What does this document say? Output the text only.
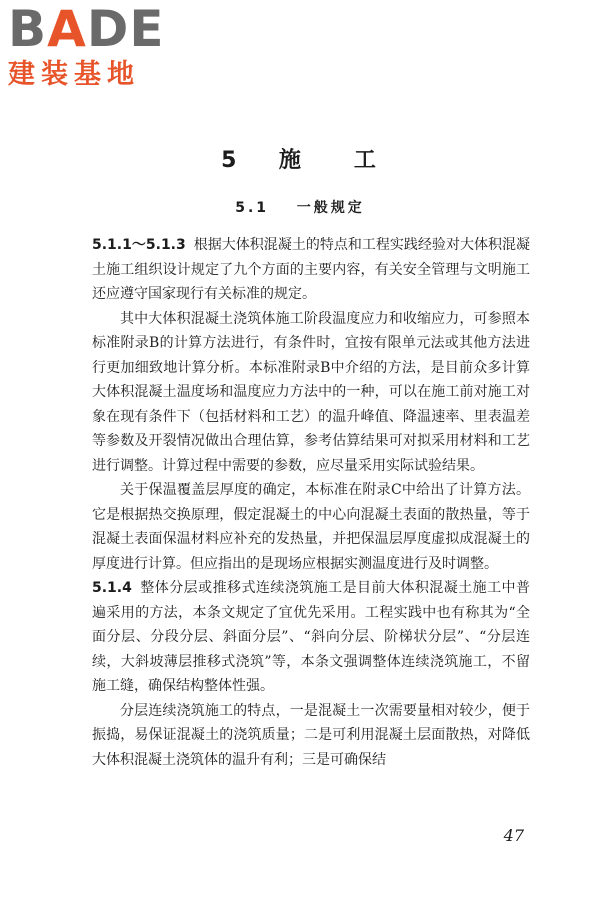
BADE
建装基地
5 施　　工
5.1 一般规定

5.1.1～5.1.3 根据大体积混凝土的特点和工程实践经验对大体积混凝土施工组织设计规定了九个方面的主要内容，有关安全管理与文明施工还应遵守国家现行有关标准的规定。

其中大体积混凝土浇筑体施工阶段温度应力和收缩应力，可参照本标准附录B的计算方法进行，有条件时，宜按有限单元法或其他方法进行更加细致地计算分析。本标准附录B中介绍的方法，是目前众多计算大体积混凝土温度场和温度应力方法中的一种，可以在施工前对施工对象在现有条件下（包括材料和工艺）的温升峰值、降温速率、里表温差等参数及开裂情况做出合理估算，参考估算结果可对拟采用材料和工艺进行调整。计算过程中需要的参数，应尽量采用实际试验结果。

关于保温覆盖层厚度的确定，本标准在附录C中给出了计算方法。它是根据热交换原理，假定混凝土的中心向混凝土表面的散热量，等于混凝土表面保温材料应补充的发热量，并把保温层厚度虚拟成混凝土的厚度进行计算。但应指出的是现场应根据实测温度进行及时调整。

5.1.4 整体分层或推移式连续浇筑施工是目前大体积混凝土施工中普遍采用的方法，本条文规定了宜优先采用。工程实践中也有称其为“全面分层、分段分层、斜面分层”、“斜向分层、阶梯状分层”、“分层连续，大斜坡薄层推移式浇筑”等，本条文强调整体连续浇筑施工，不留施工缝，确保结构整体性强。

分层连续浇筑施工的特点，一是混凝土一次需要量相对较少，便于振捣，易保证混凝土的浇筑质量；二是可利用混凝土层面散热，对降低大体积混凝土浇筑体的温升有利；三是可确保结

47
